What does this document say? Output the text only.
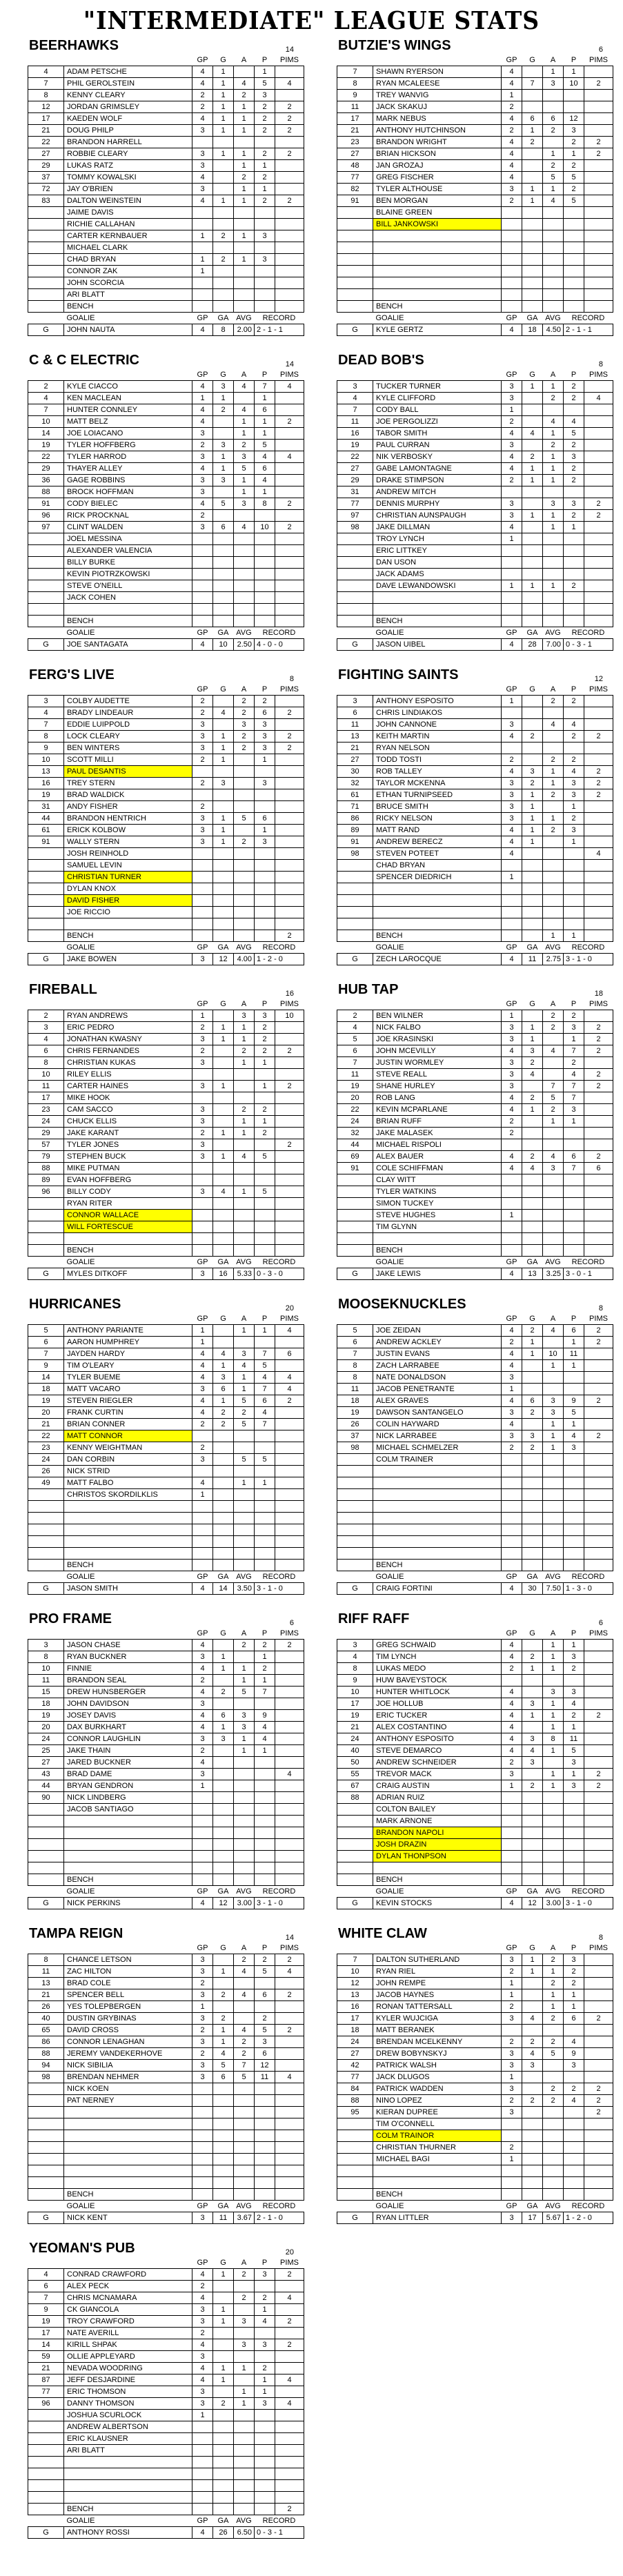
"INTERMEDIATE" LEAGUE STATS
BEERHAWKS	14
		GP	G	A	P	PIMS
4	ADAM PETSCHE	4	1		1	
7	PHIL GEROLSTEIN	4	1	4	5	4
8	KENNY CLEARY	2	1	2	3	
12	JORDAN GRIMSLEY	2	1	1	2	2
17	KAEDEN WOLF	4	1	1	2	2
21	DOUG PHILP	3	1	1	2	2
22	BRANDON HARRELL					
27	ROBBIE CLEARY	3	1	1	2	2
29	LUKAS RATZ	3		1	1	
37	TOMMY KOWALSKI	4		2	2	
72	JAY O'BRIEN	3		1	1	
83	DALTON WEINSTEIN	4	1	1	2	2
	JAIME DAVIS					
	RICHIE CALLAHAN					
	CARTER KERNBAUER	1	2	1	3	
	MICHAEL CLARK					
	CHAD BRYAN	1	2	1	3	
	CONNOR ZAK	1				
	JOHN SCORCIA					
	ARI BLATT					
	BENCH					
	GOALIE	GP	GA	AVG	RECORD	
G	JOHN NAUTA	4	8	2.00	2 - 1 - 1	
C & C ELECTRIC	14
		GP	G	A	P	PIMS
2	KYLE CIACCO	4	3	4	7	4
4	KEN MACLEAN	1	1		1	
7	HUNTER CONNLEY	4	2	4	6	
10	MATT BELZ	4		1	1	2
14	JOE LOIACANO	3		1	1	
19	TYLER HOFFBERG	2	3	2	5	
22	TYLER HARROD	3	1	3	4	4
29	THAYER ALLEY	4	1	5	6	
36	GAGE ROBBINS	3	3	1	4	
88	BROCK HOFFMAN	3		1	1	
91	CODY BIELEC	4	5	3	8	2
96	RICK PROCKNAL	2				
97	CLINT WALDEN	3	6	4	10	2
	JOEL MESSINA					
	ALEXANDER VALENCIA					
	BILLY BURKE					
	KEVIN PIOTRZKOWSKI					
	STEVE O'NEILL					
	JACK COHEN					

	BENCH					
	GOALIE	GP	GA	AVG	RECORD	
G	JOE SANTAGATA	4	10	2.50	4 - 0 - 0	
FERG'S LIVE	8
		GP	G	A	P	PIMS
3	COLBY AUDETTE	2		2	2	
4	BRADY LINDEAUR	2	4	2	6	2
7	EDDIE LUIPPOLD	3		3	3	
8	LOCK CLEARY	3	1	2	3	2
9	BEN WINTERS	3	1	2	3	2
10	SCOTT MILLI	2	1		1	
13	PAUL DESANTIS					
16	TREY STERN	2	3		3	
19	BRAD WALDICK					
31	ANDY FISHER	2				
44	BRANDON HENTRICH	3	1	5	6	
61	ERICK KOLBOW	3	1		1	
91	WALLY STERN	3	1	2	3	
	JOSH REINHOLD					
	SAMUEL LEVIN					
	CHRISTIAN TURNER					
	DYLAN KNOX					
	DAVID FISHER					
	JOE RICCIO					

	BENCH					2
	GOALIE	GP	GA	AVG	RECORD	
G	JAKE BOWEN	3	12	4.00	1 - 2 - 0	
FIREBALL	16
		GP	G	A	P	PIMS
2	RYAN ANDREWS	1		3	3	10
3	ERIC PEDRO	2	1	1	2	
4	JONATHAN KWASNY	3	1	1	2	
6	CHRIS FERNANDES	2		2	2	2
8	CHRISTIAN KUKAS	3		1	1	
10	RILEY ELLIS					
11	CARTER HAINES	3	1		1	2
17	MIKE HOOK					
23	CAM SACCO	3		2	2	
24	CHUCK ELLIS	3		1	1	
29	JAKE KARANT	2	1	1	2	
57	TYLER JONES	3				2
79	STEPHEN BUCK	3	1	4	5	
88	MIKE PUTMAN					
89	EVAN HOFFBERG					
96	BILLY CODY	3	4	1	5	
	RYAN RITER					
	CONNOR WALLACE					
	WILL FORTESCUE					

	BENCH					
	GOALIE	GP	GA	AVG	RECORD	
G	MYLES DITKOFF	3	16	5.33	0 - 3 - 0	
HURRICANES	20
		GP	G	A	P	PIMS
5	ANTHONY PARIANTE	1		1	1	4
6	AARON HUMPHREY	1				
7	JAYDEN HARDY	4	4	3	7	6
9	TIM O'LEARY	4	1	4	5	
14	TYLER BUEME	4	3	1	4	4
18	MATT VACARO	3	6	1	7	4
19	STEVEN RIEGLER	4	1	5	6	2
20	FRANK CURTIN	4	2	2	4	
21	BRIAN CONNER	2	2	5	7	
22	MATT CONNOR					
23	KENNY WEIGHTMAN	2				
24	DAN CORBIN	3		5	5	
26	NICK STRID					
49	MATT FALBO	4		1	1	
	CHRISTOS SKORDILKLIS	1				

	BENCH					
	GOALIE	GP	GA	AVG	RECORD	
G	JASON SMITH	4	14	3.50	3 - 1 - 0	
PRO FRAME	6
		GP	G	A	P	PIMS
3	JASON CHASE	4		2	2	2
8	RYAN BUCKNER	3	1		1	
10	FINNIE	4	1	1	2	
11	BRANDON SEAL	2		1	1	
15	DREW HUNSBERGER	4	2	5	7	
18	JOHN DAVIDSON	3				
19	JOSEY DAVIS	4	6	3	9	
20	DAX BURKHART	4	1	3	4	
24	CONNOR LAUGHLIN	3	3	1	4	
25	JAKE THAIN	2		1	1	
27	JARED BUCKNER	4				
43	BRAD DAME	3				4
44	BRYAN GENDRON	1				
90	NICK LINDBERG					
	JACOB SANTIAGO					

	BENCH					
	GOALIE	GP	GA	AVG	RECORD	
G	NICK PERKINS	4	12	3.00	3 - 1 - 0	
TAMPA REIGN	14
		GP	G	A	P	PIMS
8	CHANCE LETSON	3		2	2	2
11	ZAC HILTON	3	1	4	5	4
13	BRAD COLE	2				
21	SPENCER BELL	3	2	4	6	2
26	YES TOLEPBERGEN	1				
40	DUSTIN GRYBINAS	3	2		2	
65	DAVID CROSS	2	1	4	5	2
86	CONNOR LENAGHAN	3	1	2	3	
88	JEREMY VANDEKERHOVE	2	4	2	6	
94	NICK SIBILIA	3	5	7	12	
98	BRENDAN NEHMER	3	6	5	11	4
	NICK KOEN					
	PAT NERNEY					

	BENCH					
	GOALIE	GP	GA	AVG	RECORD	
G	NICK KENT	3	11	3.67	2 - 1 - 0	
YEOMAN'S PUB	20
		GP	G	A	P	PIMS
4	CONRAD CRAWFORD	4	1	2	3	2
6	ALEX PECK	2				
7	CHRIS MCNAMARA	4		2	2	4
9	CK GIANCOLA	3	1		1	
19	TROY CRAWFORD	3	1	3	4	2
17	NATE AVERILL	2				
14	KIRILL SHPAK	4		3	3	2
59	OLLIE APPLEYARD	3				
21	NEVADA WOODRING	4	1	1	2	
87	JEFF DESJARDINE	4	1		1	4
77	ERIC THOMSON	3		1	1	
96	DANNY THOMSON	3	2	1	3	4
	JOSHUA SCURLOCK	1				
	ANDREW ALBERTSON					
	ERIC KLAUSNER					
	ARI BLATT					

	BENCH					2
	GOALIE	GP	GA	AVG	RECORD	
G	ANTHONY ROSSI	4	26	6.50	0 - 3 - 1	
BUTZIE'S WINGS	6
		GP	G	A	P	PIMS
7	SHAWN RYERSON	4		1	1	
8	RYAN MCALEESE	4	7	3	10	2
9	TREY WANVIG	1				
11	JACK SKAKUJ	2				
17	MARK NEBUS	4	6	6	12	
21	ANTHONY HUTCHINSON	2	1	2	3	
23	BRANDON WRIGHT	4	2		2	2
27	BRIAN HICKSON	4		1	1	2
48	JAN GROZAJ	4		2	2	
77	GREG FISCHER	4		5	5	
82	TYLER ALTHOUSE	3	1	1	2	
91	BEN MORGAN	2	1	4	5	
	BLAINE GREEN					
	BILL JANKOWSKI					

	BENCH					
	GOALIE	GP	GA	AVG	RECORD	
G	KYLE GERTZ	4	18	4.50	2 - 1 - 1	
DEAD BOB'S	8
		GP	G	A	P	PIMS
3	TUCKER TURNER	3	1	1	2	
4	KYLE CLIFFORD	3		2	2	4
7	CODY BALL	1				
11	JOE PERGOLIZZI	2		4	4	
16	TABOR SMITH	4	4	1	5	
19	PAUL CURRAN	3		2	2	
22	NIK VERBOSKY	4	2	1	3	
27	GABE LAMONTAGNE	4	1	1	2	
29	DRAKE STIMPSON	2	1	1	2	
31	ANDREW MITCH					
77	DENNIS MURPHY	3		3	3	2
97	CHRISTIAN AUNSPAUGH	3	1	1	2	2
98	JAKE DILLMAN	4		1	1	
	TROY LYNCH	1				
	ERIC LITTKEY					
	DAN USON					
	JACK ADAMS					
	DAVE LEWANDOWSKI	1	1	1	2	

	BENCH					
	GOALIE	GP	GA	AVG	RECORD	
G	JASON UIBEL	4	28	7.00	0 - 3 - 1	
FIGHTING SAINTS	12
		GP	G	A	P	PIMS
3	ANTHONY ESPOSITO	1		2	2	
6	CHRIS LINDIAKOS					
11	JOHN CANNONE	3		4	4	
13	KEITH MARTIN	4	2		2	2
21	RYAN NELSON					
27	TODD TOSTI	2		2	2	
30	ROB TALLEY	4	3	1	4	2
32	TAYLOR MCKENNA	3	2	1	3	2
61	ETHAN TURNIPSEED	3	1	2	3	2
71	BRUCE SMITH	3	1		1	
86	RICKY NELSON	3	1	1	2	
89	MATT RAND	4	1	2	3	
91	ANDREW BERECZ	4	1		1	
98	STEVEN POTEET	4				4
	CHAD BRYAN					
	SPENCER DIEDRICH	1				

	BENCH			1	1	
	GOALIE	GP	GA	AVG	RECORD	
G	ZECH LAROCQUE	4	11	2.75	3 - 1 - 0	
HUB TAP	18
		GP	G	A	P	PIMS
2	BEN WILNER	1		2	2	
4	NICK FALBO	3	1	2	3	2
5	JOE KRASINSKI	3	1		1	2
6	JOHN MCEVILLY	4	3	4	7	2
7	JUSTIN WORMLEY	3	2		2	
11	STEVE REALL	3	4		4	2
19	SHANE HURLEY	3		7	7	2
20	ROB LANG	4	2	5	7	
22	KEVIN MCPARLANE	4	1	2	3	
24	BRIAN RUFF	2		1	1	
32	JAKE MALASEK	2				
44	MICHAEL RISPOLI					
69	ALEX BAUER	4	2	4	6	2
91	COLE SCHIFFMAN	4	4	3	7	6
	CLAY WITT					
	TYLER WATKINS					
	SIMON TUCKEY					
	STEVE HUGHES	1				
	TIM GLYNN					

	BENCH					
	GOALIE	GP	GA	AVG	RECORD	
G	JAKE LEWIS	4	13	3.25	3 - 0 - 1	
MOOSEKNUCKLES	8
		GP	G	A	P	PIMS
5	JOE ZEIDAN	4	2	4	6	2
6	ANDREW ACKLEY	2	1		1	2
7	JUSTIN EVANS	4	1	10	11	
8	ZACH LARRABEE	4		1	1	
8	NATE DONALDSON	3				
11	JACOB PENETRANTE	1				
18	ALEX GRAVES	4	6	3	9	2
19	DAWSON SANTANGELO	3	2	3	5	
26	COLIN HAYWARD	4		1	1	
37	NICK LARRABEE	3	3	1	4	2
98	MICHAEL SCHMELZER	2	2	1	3	
	COLM TRAINER					

	BENCH					
	GOALIE	GP	GA	AVG	RECORD	
G	CRAIG FORTINI	4	30	7.50	1 - 3 - 0	
RIFF RAFF	6
		GP	G	A	P	PIMS
3	GREG SCHWAID	4		1	1	
4	TIM LYNCH	4	2	1	3	
8	LUKAS MEDO	2	1	1	2	
9	HUW BAVEYSTOCK					
10	HUNTER WHITLOCK	4		3	3	
17	JOE HOLLUB	4	3	1	4	
19	ERIC TUCKER	4	1	1	2	2
21	ALEX COSTANTINO	4		1	1	
24	ANTHONY ESPOSITO	4	3	8	11	
40	STEVE DEMARCO	4	4	1	5	
50	ANDREW SCHNEIDER	2	3		3	
55	TREVOR MACK	3		1	1	2
67	CRAIG AUSTIN	1	2	1	3	2
88	ADRIAN RUIZ					
	COLTON BAILEY					
	MARK ARNONE					
	BRANDON NAPOLI					
	JOSH DRAZIN					
	DYLAN THONPSON					

	BENCH					
	GOALIE	GP	GA	AVG	RECORD	
G	KEVIN STOCKS	4	12	3.00	3 - 1 - 0	
WHITE CLAW	8
		GP	G	A	P	PIMS
7	DALTON SUTHERLAND	3	1	2	3	
10	RYAN RIEL	2	1	1	2	
12	JOHN REMPE	1		2	2	
13	JACOB HAYNES	1		1	1	
16	RONAN TATTERSALL	2		1	1	
17	KYLER WUJCIGA	3	4	2	6	2
18	MATT BERANEK					
24	BRENDAN MCELKENNY	2	2	2	4	
27	DREW BOBYNSKYJ	3	4	5	9	
42	PATRICK WALSH	3	3		3	
77	JACK DLUGOS	1				
84	PATRICK WADDEN	3		2	2	2
88	NINO LOPEZ	2	2	2	4	2
95	KIERAN DUPREE	3				2
	TIM O'CONNELL					
	COLM TRAINOR					
	CHRISTIAN THURNER	2				
	MICHAEL BAGI	1				

	BENCH					
	GOALIE	GP	GA	AVG	RECORD	
G	RYAN LITTLER	3	17	5.67	1 - 2 - 0	
